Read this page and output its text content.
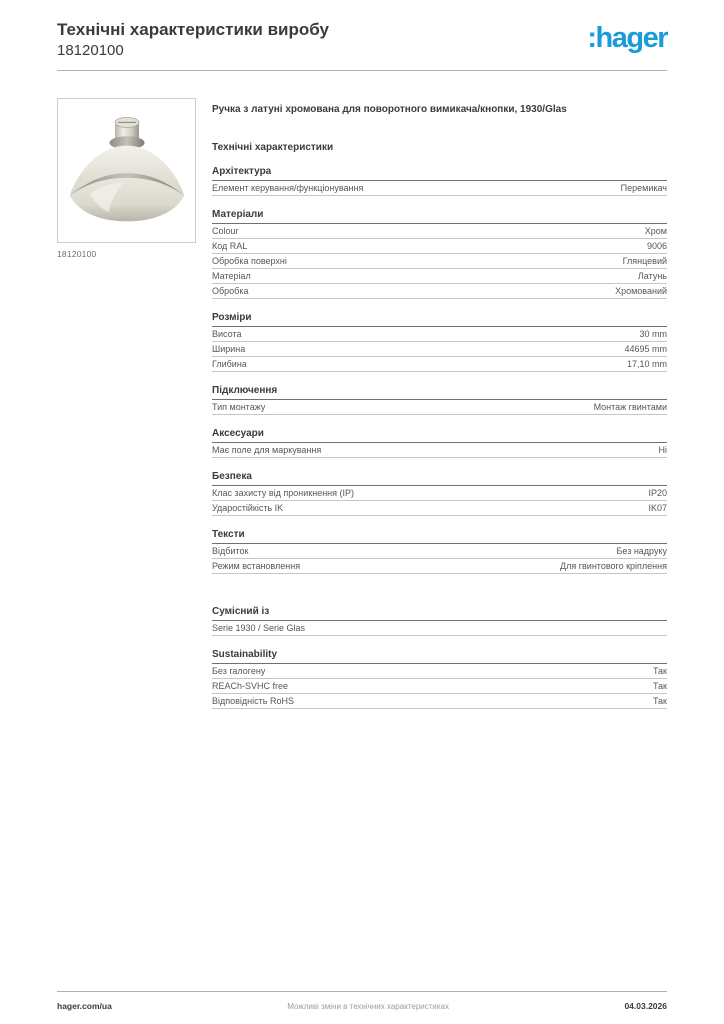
Технічні характеристики виробу
18120100	:hager
18120100
Ручка з латуні хромована для поворотного вимикача/кнопки, 1930/Glas
Технічні характеристики
Архітектура
Елемент керування/функціонування	Перемикач
Матеріали
Colour	Хром
Код RAL	9006
Обробка поверхні	Глянцевий
Матеріал	Латунь
Обробка	Хромований
Розміри
Висота	30 mm
Ширина	44695 mm
Глибина	17,10 mm
Підключення
Тип монтажу	Монтаж гвинтами
Аксесуари
Має поле для маркування	Ні
Безпека
Клас захисту від проникнення (IP)	IP20
Ударостійкість IK	IK07
Тексти
Відбиток	Без надруку
Режим встановлення	Для гвинтового кріплення
Сумісний із
Serie 1930 / Serie Glas
Sustainability
Без галогену	Так
REACh-SVHC free	Так
Відповідність RoHS	Так
hager.com/ua	Можливі зміни в технічних характеристиках	04.03.2026
